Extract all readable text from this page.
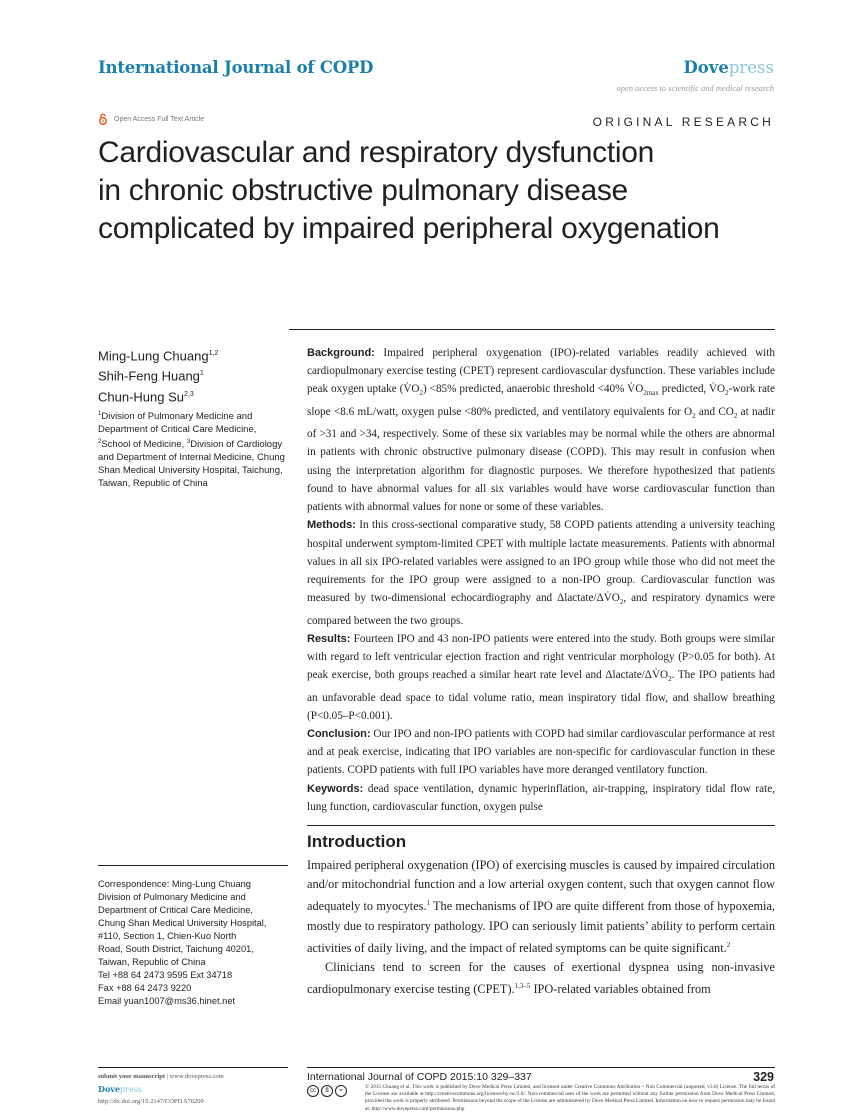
International Journal of COPD	Dovepress
open access to scientific and medical research
Open Access Full Text Article	ORIGINAL RESEARCH
Cardiovascular and respiratory dysfunction
in chronic obstructive pulmonary disease
complicated by impaired peripheral oxygenation
Ming-Lung Chuang$^{1,2}$
Shih-Feng Huang$^1$
Chun-Hung Su$^{2,3}$
$^1$Division of Pulmonary Medicine and Department of Critical Care Medicine, $^2$School of Medicine, $^3$Division of Cardiology and Department of Internal Medicine, Chung Shan Medical University Hospital, Taichung, Taiwan, Republic of China
Correspondence: Ming-Lung Chuang
Division of Pulmonary Medicine and
Department of Critical Care Medicine,
Chung Shan Medical University Hospital,
#110, Section 1, Chien-Kuo North
Road, South District, Taichung 40201,
Taiwan, Republic of China
Tel +88 64 2473 9595 Ext 34718
Fax +88 64 2473 9220
Email yuan1007@ms36.hinet.net

Background: Impaired peripheral oxygenation (IPO)-related variables readily achieved with cardiopulmonary exercise testing (CPET) represent cardiovascular dysfunction. These variables include peak oxygen uptake $(V̇O_2) <85\%$ predicted, anaerobic threshold <40% $V̇O_{2max}$ predicted, $V̇O_2$-work rate slope <8.6 mL/watt, oxygen pulse <80% predicted, and ventilatory equivalents for $O_2$ and $CO_2$ at nadir of >31 and >34, respectively. Some of these six variables may be normal while the others are abnormal in patients with chronic obstructive pulmonary disease (COPD). This may result in confusion when using the interpretation algorithm for diagnostic purposes. We therefore hypothesized that patients found to have abnormal values for all six variables would have worse cardiovascular function than patients with abnormal values for none or some of these variables.

Methods: In this cross-sectional comparative study, 58 COPD patients attending a university teaching hospital underwent symptom-limited CPET with multiple lactate measurements. Patients with abnormal values in all six IPO-related variables were assigned to an IPO group while those who did not meet the requirements for the IPO group were assigned to a non-IPO group. Cardiovascular function was measured by two-dimensional echocardiography and Δlactate/$\Delta V̇O_2$, and respiratory dynamics were compared between the two groups.

Results: Fourteen IPO and 43 non-IPO patients were entered into the study. Both groups were similar with regard to left ventricular ejection fraction and right ventricular morphology (P>0.05 for both). At peak exercise, both groups reached a similar heart rate level and Δlactate/$\Delta V̇O_2$. The IPO patients had an unfavorable dead space to tidal volume ratio, mean inspiratory tidal flow, and shallow breathing (P<0.05–P<0.001).

Conclusion: Our IPO and non-IPO patients with COPD had similar cardiovascular performance at rest and at peak exercise, indicating that IPO variables are non-specific for cardiovascular function in these patients. COPD patients with full IPO variables have more deranged ventilatory function.

Keywords: dead space ventilation, dynamic hyperinflation, air-trapping, inspiratory tidal flow rate, lung function, cardiovascular function, oxygen pulse

Introduction

Impaired peripheral oxygenation (IPO) of exercising muscles is caused by impaired circulation and/or mitochondrial function and a low arterial oxygen content, such that oxygen cannot flow adequately to myocytes.$^1$ The mechanisms of IPO are quite different from those of hypoxemia, mostly due to respiratory pathology. IPO can seriously limit patients’ ability to perform certain activities of daily living, and the impact of related symptoms can be quite significant.$^2$

Clinicians tend to screen for the causes of exertional dyspnea using non-invasive cardiopulmonary exercise testing (CPET).$^{1,3-5}$ IPO-related variables obtained from

submit your manuscript | www.dovepress.com
Dovepress
http://dx.doi.org/10.2147/COPD.S76209
International Journal of COPD 2015:10 329–337	329
cc	$	=
© 2015 Chuang et al. This work is published by Dove Medical Press Limited, and licensed under Creative Commons Attribution – Non Commercial (unported, v3.0) License. The full terms of the License are available at http://creativecommons.org/licenses/by-nc/3.0/. Non-commercial uses of the work are permitted without any further permission from Dove Medical Press Limited, provided the work is properly attributed. Permissions beyond the scope of the License are administered by Dove Medical Press Limited. Information on how to request permission may be found at: http://www.dovepress.com/permissions.php
